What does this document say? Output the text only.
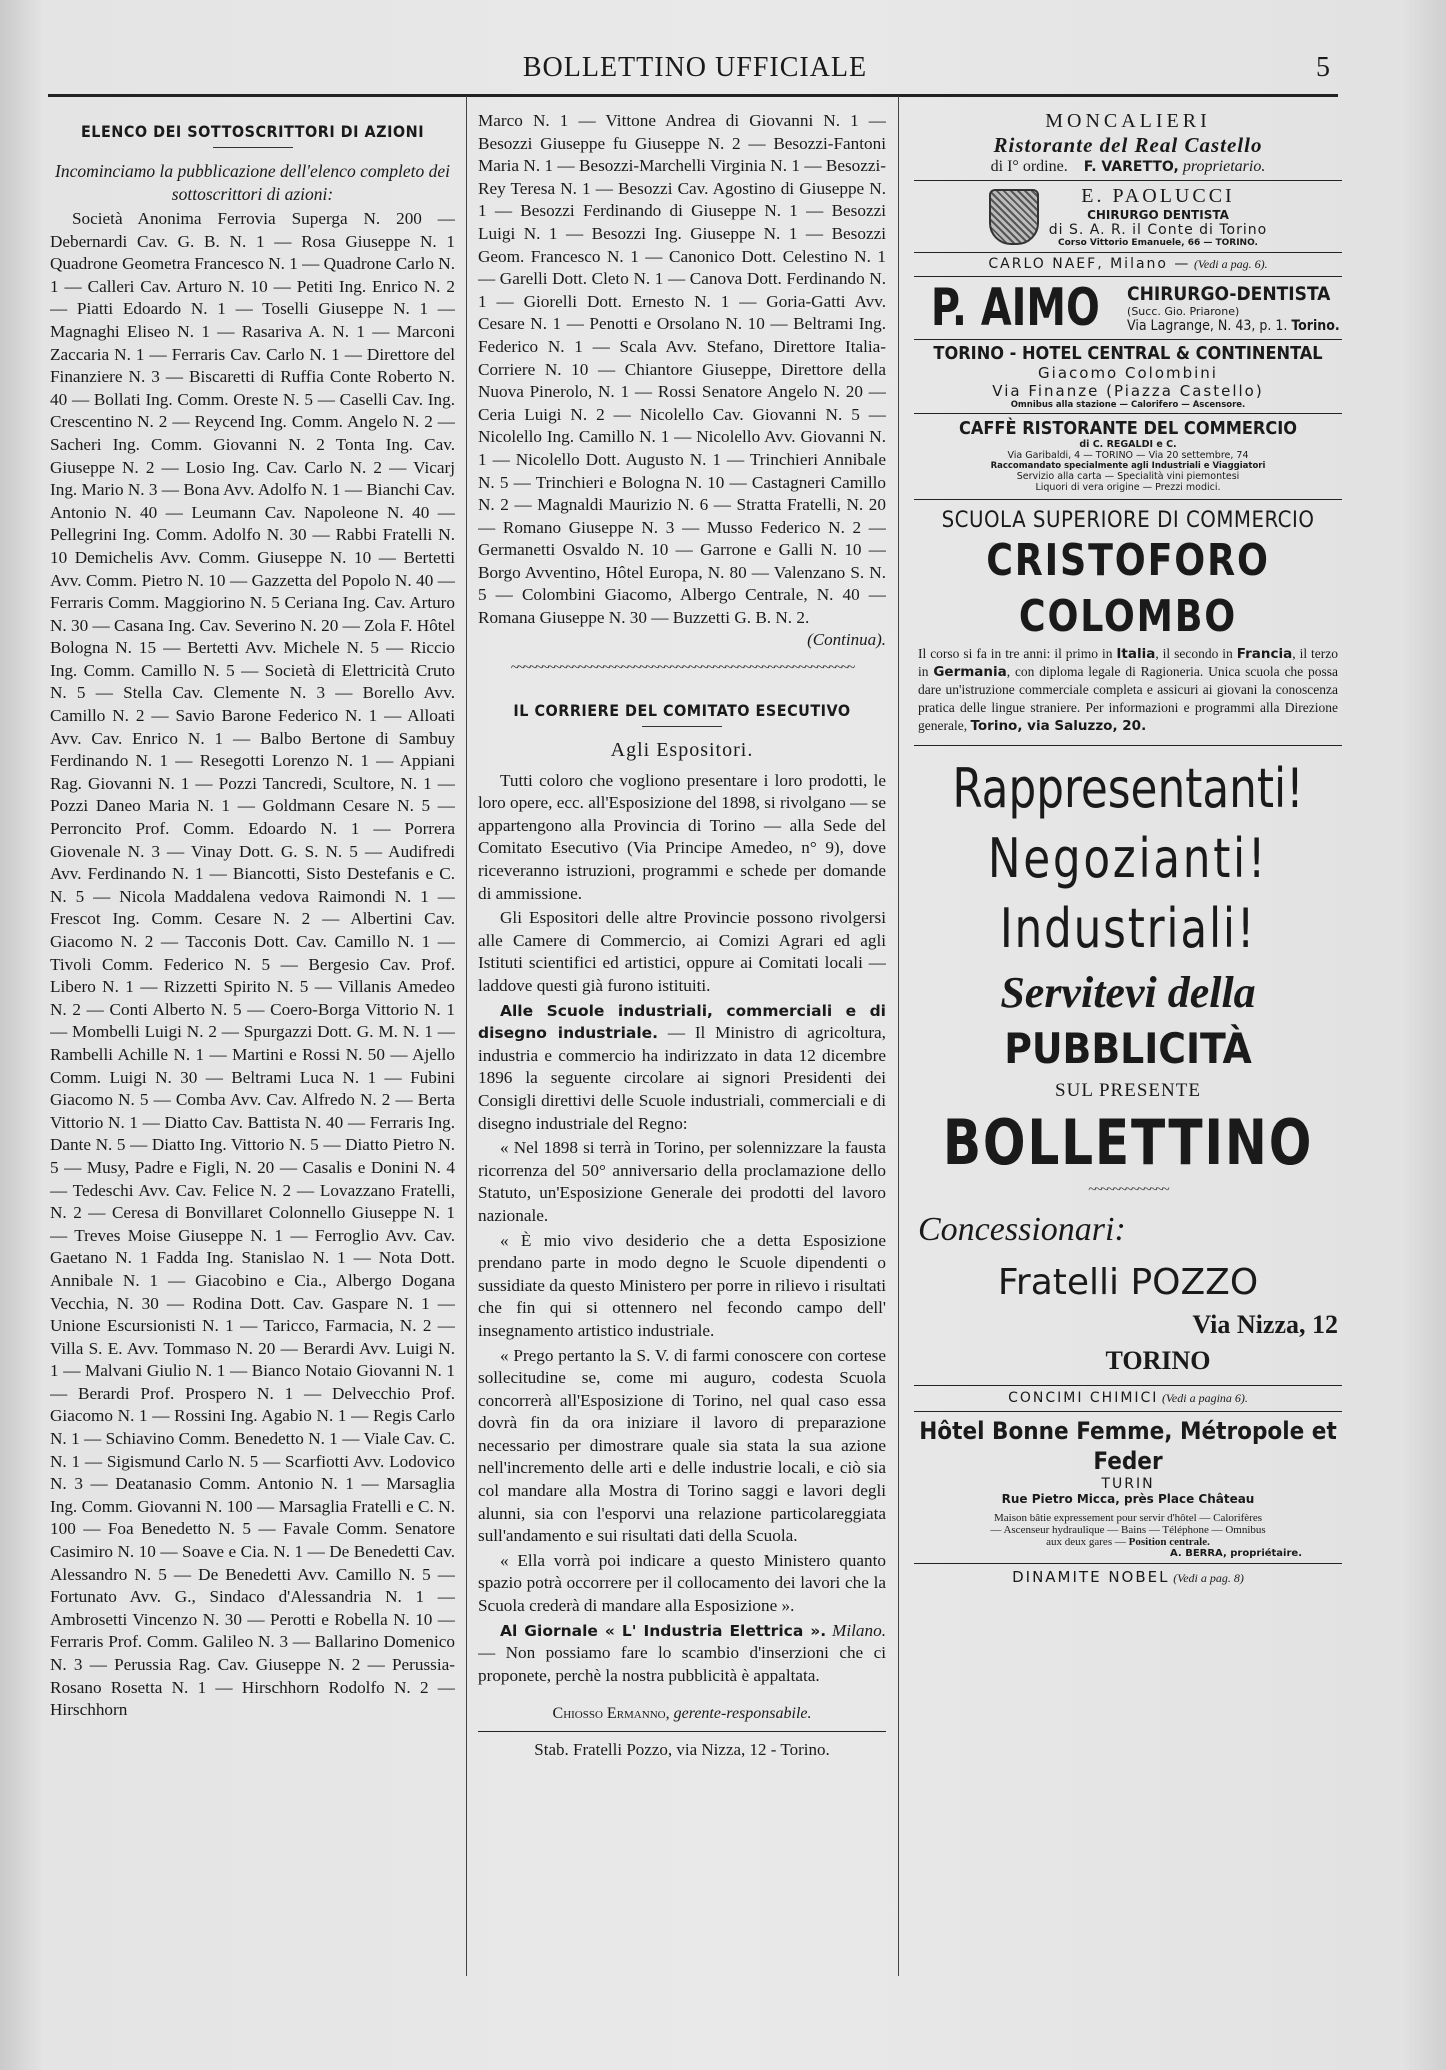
BOLLETTINO UFFICIALE	5
ELENCO DEI SOTTOSCRITTORI DI AZIONI
Incominciamo la pubblicazione dell'elenco completo dei sottoscrittori di azioni:
Società Anonima Ferrovia Superga N. 200 — Debernardi Cav. G. B. N. 1 — Rosa Giuseppe N. 1 Quadrone Geometra Francesco N. 1 — Quadrone Carlo N. 1 — Calleri Cav. Arturo N. 10 — Petiti Ing. Enrico N. 2 — Piatti Edoardo N. 1 — Toselli Giuseppe N. 1 — Magnaghi Eliseo N. 1 — Rasariva A. N. 1 — Marconi Zaccaria N. 1 — Ferraris Cav. Carlo N. 1 — Direttore del Finanziere N. 3 — Biscaretti di Ruffia Conte Roberto N. 40 — Bollati Ing. Comm. Oreste N. 5 — Caselli Cav. Ing. Crescentino N. 2 — Reycend Ing. Comm. Angelo N. 2 — Sacheri Ing. Comm. Giovanni N. 2 Tonta Ing. Cav. Giuseppe N. 2 — Losio Ing. Cav. Carlo N. 2 — Vicarj Ing. Mario N. 3 — Bona Avv. Adolfo N. 1 — Bianchi Cav. Antonio N. 40 — Leumann Cav. Napoleone N. 40 — Pellegrini Ing. Comm. Adolfo N. 30 — Rabbi Fratelli N. 10 Demichelis Avv. Comm. Giuseppe N. 10 — Bertetti Avv. Comm. Pietro N. 10 — Gazzetta del Popolo N. 40 — Ferraris Comm. Maggiorino N. 5 Ceriana Ing. Cav. Arturo N. 30 — Casana Ing. Cav. Severino N. 20 — Zola F. Hôtel Bologna N. 15 — Bertetti Avv. Michele N. 5 — Riccio Ing. Comm. Camillo N. 5 — Società di Elettricità Cruto N. 5 — Stella Cav. Clemente N. 3 — Borello Avv. Camillo N. 2 — Savio Barone Federico N. 1 — Alloati Avv. Cav. Enrico N. 1 — Balbo Bertone di Sambuy Ferdinando N. 1 — Resegotti Lorenzo N. 1 — Appiani Rag. Giovanni N. 1 — Pozzi Tancredi, Scultore, N. 1 — Pozzi Daneo Maria N. 1 — Goldmann Cesare N. 5 — Perroncito Prof. Comm. Edoardo N. 1 — Porrera Giovenale N. 3 — Vinay Dott. G. S. N. 5 — Audifredi Avv. Ferdinando N. 1 — Biancotti, Sisto Destefanis e C. N. 5 — Nicola Maddalena vedova Raimondi N. 1 — Frescot Ing. Comm. Cesare N. 2 — Albertini Cav. Giacomo N. 2 — Tacconis Dott. Cav. Camillo N. 1 — Tivoli Comm. Federico N. 5 — Bergesio Cav. Prof. Libero N. 1 — Rizzetti Spirito N. 5 — Villanis Amedeo N. 2 — Conti Alberto N. 5 — Coero-Borga Vittorio N. 1 — Mombelli Luigi N. 2 — Spurgazzi Dott. G. M. N. 1 — Rambelli Achille N. 1 — Martini e Rossi N. 50 — Ajello Comm. Luigi N. 30 — Beltrami Luca N. 1 — Fubini Giacomo N. 5 — Comba Avv. Cav. Alfredo N. 2 — Berta Vittorio N. 1 — Diatto Cav. Battista N. 40 — Ferraris Ing. Dante N. 5 — Diatto Ing. Vittorio N. 5 — Diatto Pietro N. 5 — Musy, Padre e Figli, N. 20 — Casalis e Donini N. 4 — Tedeschi Avv. Cav. Felice N. 2 — Lovazzano Fratelli, N. 2 — Ceresa di Bonvillaret Colonnello Giuseppe N. 1 — Treves Moise Giuseppe N. 1 — Ferroglio Avv. Cav. Gaetano N. 1 Fadda Ing. Stanislao N. 1 — Nota Dott. Annibale N. 1 — Giacobino e Cia., Albergo Dogana Vecchia, N. 30 — Rodina Dott. Cav. Gaspare N. 1 — Unione Escursionisti N. 1 — Taricco, Farmacia, N. 2 — Villa S. E. Avv. Tommaso N. 20 — Berardi Avv. Luigi N. 1 — Malvani Giulio N. 1 — Bianco Notaio Giovanni N. 1 — Berardi Prof. Prospero N. 1 — Delvecchio Prof. Giacomo N. 1 — Rossini Ing. Agabio N. 1 — Regis Carlo N. 1 — Schiavino Comm. Benedetto N. 1 — Viale Cav. C. N. 1 — Sigismund Carlo N. 5 — Scarfiotti Avv. Lodovico N. 3 — Deatanasio Comm. Antonio N. 1 — Marsaglia Ing. Comm. Giovanni N. 100 — Marsaglia Fratelli e C. N. 100 — Foa Benedetto N. 5 — Favale Comm. Senatore Casimiro N. 10 — Soave e Cia. N. 1 — De Benedetti Cav. Alessandro N. 5 — De Benedetti Avv. Camillo N. 5 — Fortunato Avv. G., Sindaco d'Alessandria N. 1 — Ambrosetti Vincenzo N. 30 — Perotti e Robella N. 10 — Ferraris Prof. Comm. Galileo N. 3 — Ballarino Domenico N. 3 — Perussia Rag. Cav. Giuseppe N. 2 — Perussia-Rosano Rosetta N. 1 — Hirschhorn Rodolfo N. 2 — Hirschhorn
Marco N. 1 — Vittone Andrea di Giovanni N. 1 — Besozzi Giuseppe fu Giuseppe N. 2 — Besozzi-Fantoni Maria N. 1 — Besozzi-Marchelli Virginia N. 1 — Besozzi-Rey Teresa N. 1 — Besozzi Cav. Agostino di Giuseppe N. 1 — Besozzi Ferdinando di Giuseppe N. 1 — Besozzi Luigi N. 1 — Besozzi Ing. Giuseppe N. 1 — Besozzi Geom. Francesco N. 1 — Canonico Dott. Celestino N. 1 — Garelli Dott. Cleto N. 1 — Canova Dott. Ferdinando N. 1 — Giorelli Dott. Ernesto N. 1 — Goria-Gatti Avv. Cesare N. 1 — Penotti e Orsolano N. 10 — Beltrami Ing. Federico N. 1 — Scala Avv. Stefano, Direttore Italia-Corriere N. 10 — Chiantore Giuseppe, Direttore della Nuova Pinerolo, N. 1 — Rossi Senatore Angelo N. 20 — Ceria Luigi N. 2 — Nicolello Cav. Giovanni N. 5 — Nicolello Ing. Camillo N. 1 — Nicolello Avv. Giovanni N. 1 — Nicolello Dott. Augusto N. 1 — Trinchieri Annibale N. 5 — Trinchieri e Bologna N. 10 — Castagneri Camillo N. 2 — Magnaldi Maurizio N. 6 — Stratta Fratelli, N. 20 — Romano Giuseppe N. 3 — Musso Federico N. 2 — Germanetti Osvaldo N. 10 — Garrone e Galli N. 10 — Borgo Avventino, Hôtel Europa, N. 80 — Valenzano S. N. 5 — Colombini Giacomo, Albergo Centrale, N. 40 — Romana Giuseppe N. 30 — Buzzetti G. B. N. 2.
(Continua).
~~~~~~~~~~~~~~~~~~~~~~~~~~~~~~~~~~~~~~~~~~~~~~~~~~~~~~~~
IL CORRIERE DEL COMITATO ESECUTIVO
Agli Espositori.

Tutti coloro che vogliono presentare i loro prodotti, le loro opere, ecc. all'Esposizione del 1898, si rivolgano — se appartengono alla Provincia di Torino — alla Sede del Comitato Esecutivo (Via Principe Amedeo, n° 9), dove riceveranno istruzioni, programmi e schede per domande di ammissione.

Gli Espositori delle altre Provincie possono rivolgersi alle Camere di Commercio, ai Comizi Agrari ed agli Istituti scientifici ed artistici, oppure ai Comitati locali — laddove questi già furono istituiti.

Alle Scuole industriali, commerciali e di disegno industriale. — Il Ministro di agricoltura, industria e commercio ha indirizzato in data 12 dicembre 1896 la seguente circolare ai signori Presidenti dei Consigli direttivi delle Scuole industriali, commerciali e di disegno industriale del Regno:

« Nel 1898 si terrà in Torino, per solennizzare la fausta ricorrenza del 50° anniversario della proclamazione dello Statuto, un'Esposizione Generale dei prodotti del lavoro nazionale.

« È mio vivo desiderio che a detta Esposizione prendano parte in modo degno le Scuole dipendenti o sussidiate da questo Ministero per porre in rilievo i risultati che fin qui si ottennero nel fecondo campo dell' insegnamento artistico industriale.

« Prego pertanto la S. V. di farmi conoscere con cortese sollecitudine se, come mi auguro, codesta Scuola concorrerà all'Esposizione di Torino, nel qual caso essa dovrà fin da ora iniziare il lavoro di preparazione necessario per dimostrare quale sia stata la sua azione nell'incremento delle arti e delle industrie locali, e ciò sia col mandare alla Mostra di Torino saggi e lavori degli alunni, sia con l'esporvi una relazione particolareggiata sull'andamento e sui risultati dati della Scuola.

« Ella vorrà poi indicare a questo Ministero quanto spazio potrà occorrere per il collocamento dei lavori che la Scuola crederà di mandare alla Esposizione ».

Al Giornale « L' Industria Elettrica ». Milano. — Non possiamo fare lo scambio d'inserzioni che ci proponete, perchè la nostra pubblicità è appaltata.

Chiosso Ermanno, gerente-responsabile.
Stab. Fratelli Pozzo, via Nizza, 12 - Torino.
MONCALIERI
Ristorante del Real Castello
di I° ordine. F. VARETTO, proprietario.
E. PAOLUCCI
CHIRURGO DENTISTA
di S. A. R. il Conte di Torino
Corso Vittorio Emanuele, 66 — TORINO.
CARLO NAEF, Milano — (Vedi a pag. 6).
P. AIMO CHIRURGO-DENTISTA
(Succ. Gio. Priarone)
Via Lagrange, N. 43, p. 1. Torino.
TORINO - HOTEL CENTRAL & CONTINENTAL
Giacomo Colombini
Via Finanze (Piazza Castello)
Omnibus alla stazione — Calorifero — Ascensore.
CAFFÈ RISTORANTE DEL COMMERCIO
di C. REGALDI e C.
Via Garibaldi, 4 — TORINO — Via 20 settembre, 74
Raccomandato specialmente agli Industriali e Viaggiatori
Servizio alla carta — Specialità vini piemontesi
Liquori di vera origine — Prezzi modici.
SCUOLA SUPERIORE DI COMMERCIO
CRISTOFORO COLOMBO
Il corso si fa in tre anni: il primo in Italia, il secondo in Francia, il terzo in Germania, con diploma legale di Ragioneria. Unica scuola che possa dare un'istruzione commerciale completa e assicuri ai giovani la conoscenza pratica delle lingue straniere. Per informazioni e programmi alla Direzione generale, Torino, via Saluzzo, 20.
Rappresentanti!
Negozianti!
Industriali!
Servitevi della
PUBBLICITÀ
SUL PRESENTE
BOLLETTINO
~~~~~~~~~~~~~
Concessionari:
Fratelli POZZO
Via Nizza, 12
TORINO
CONCIMI CHIMICI (Vedi a pagina 6).
Hôtel Bonne Femme, Métropole et Feder
TURIN
Rue Pietro Micca, près Place Château
Maison bâtie expressement pour servir d'hôtel — Calorifères
— Ascenseur hydraulique — Bains — Téléphone — Omnibus
aux deux gares — Position centrale.
A. BERRA, propriétaire.
DINAMITE NOBEL (Vedi a pag. 8)
